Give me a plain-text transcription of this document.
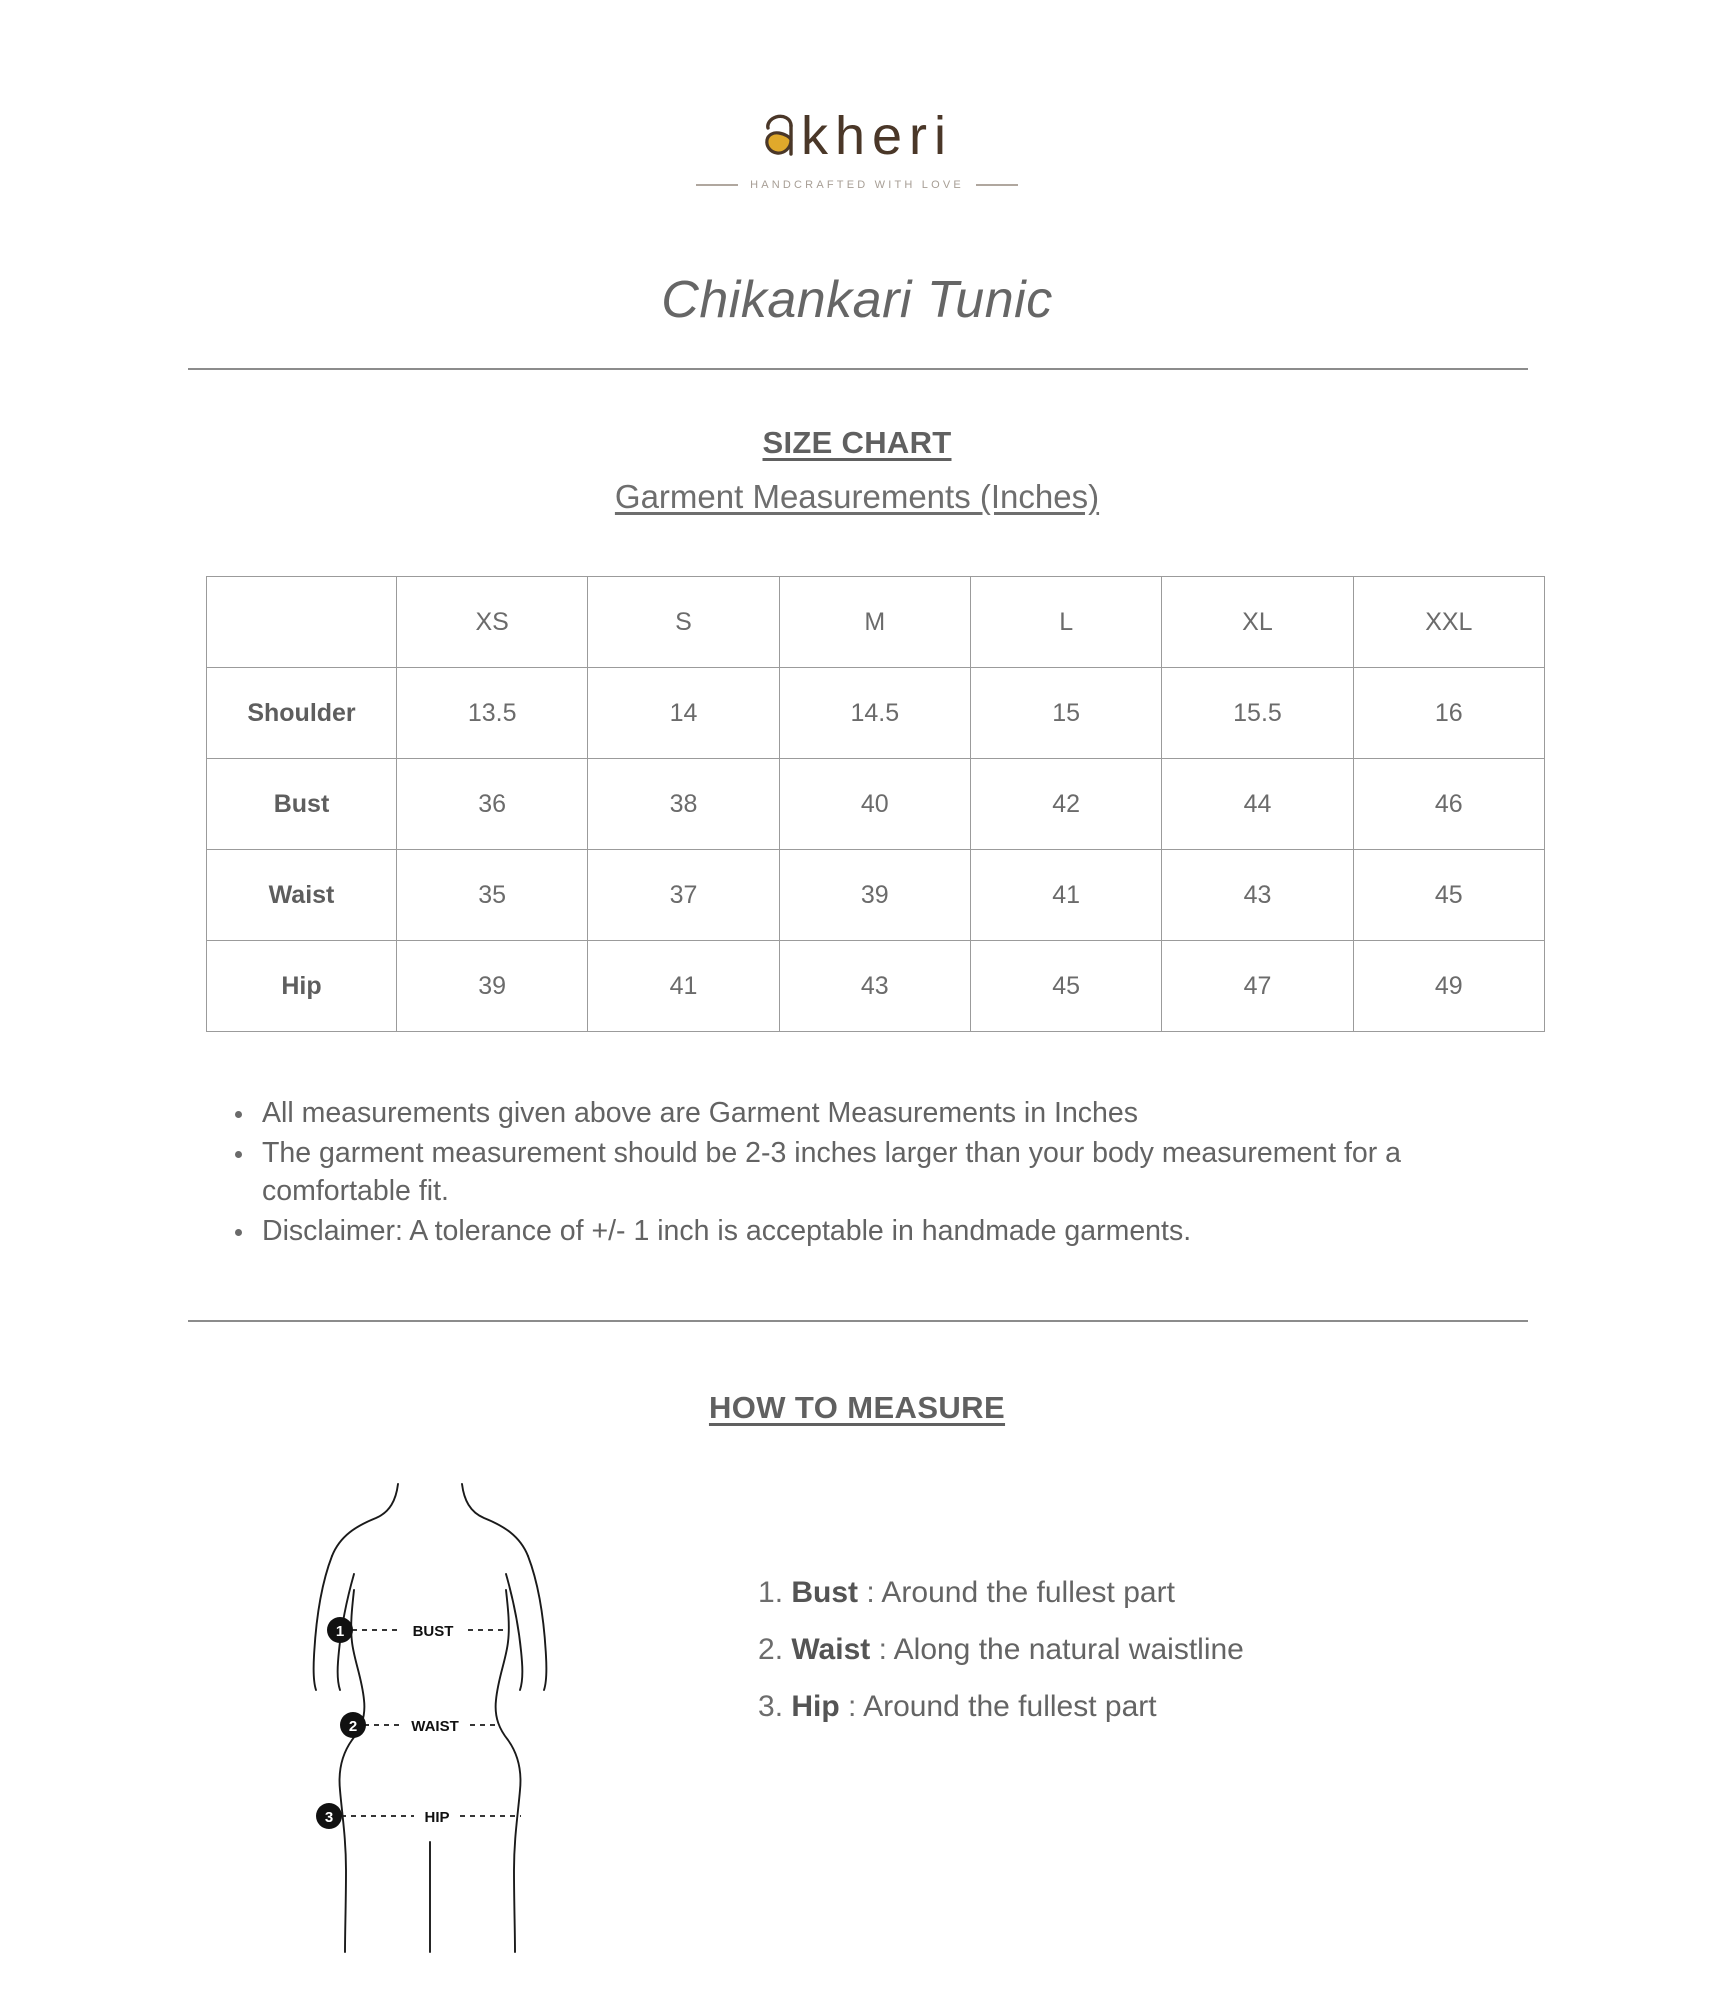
kheri
HANDCRAFTED WITH LOVE
Chikankari Tunic
SIZE CHART
Garment Measurements (Inches)
	XS	S	M	L	XL	XXL
Shoulder	13.5	14	14.5	15	15.5	16
Bust	36	38	40	42	44	46
Waist	35	37	39	41	43	45
Hip	39	41	43	45	47	49
All measurements given above are Garment Measurements in Inches
The garment measurement should be 2-3 inches larger than your body measurement for a comfortable fit.
Disclaimer: A tolerance of +/- 1 inch is acceptable in handmade garments.
HOW TO MEASURE
BUST
WAIST
HIP
1
2
3
Bust : Around the fullest part
Waist : Along the natural waistline
Hip : Around the fullest part
